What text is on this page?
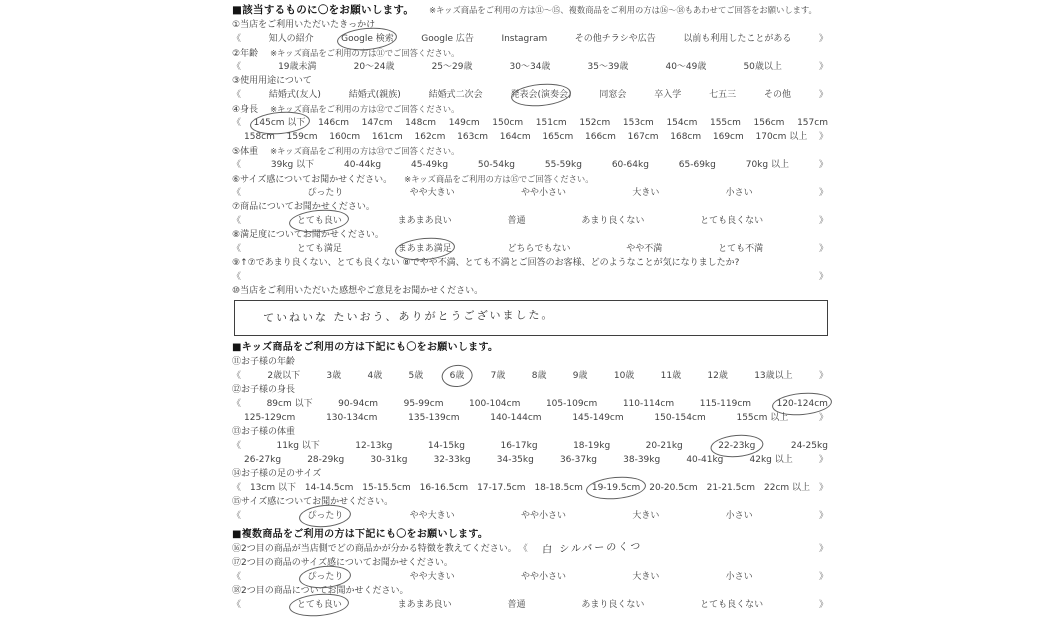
■該当するものに〇をお願いします。 ※キッズ商品をご利用の方は⑪〜⑮、複数商品をご利用の方は⑯〜⑱もあわせてご回答をお願いします。
①当店をご利用いただいたきっかけ
《	知人の紹介	Google 検索	Google 広告	Instagram	その他チラシや広告	以前も利用したことがある	》
②年齢 ※キッズ商品をご利用の方は⑪でご回答ください。
《	19歳未満	20〜24歳	25〜29歳	30〜34歳	35〜39歳	40〜49歳	50歳以上	》
③使用用途について
《	結婚式(友人)	結婚式(親族)	結婚式二次会	発表会(演奏会)	同窓会	卒入学	七五三	その他	》
④身長 ※キッズ商品をご利用の方は⑫でご回答ください。
《 145cm 以下 146cm 147cm 148cm 149cm 150cm 151cm 152cm 153cm 154cm 155cm 156cm 157cm
158cm 159cm 160cm 161cm 162cm 163cm 164cm 165cm 166cm 167cm 168cm 169cm 170cm 以上 》
⑤体重 ※キッズ商品をご利用の方は⑬でご回答ください。
《	39kg 以下	40-44kg	45-49kg	50-54kg	55-59kg	60-64kg	65-69kg	70kg 以上	》
⑥サイズ感についてお聞かせください。 ※キッズ商品をご利用の方は⑮でご回答ください。
《	ぴったり	やや大きい	やや小さい	大きい	小さい	》
⑦商品についてお聞かせください。
《	とても良い	まあまあ良い	普通	あまり良くない	とても良くない	》
⑧満足度についてお聞かせください。
《	とても満足	まあまあ満足	どちらでもない	やや不満	とても不満	》
⑨↑⑦であまり良くない、とても良くない ⑧でやや不満、とても不満とご回答のお客様、どのようなことが気になりましたか?
《	》
⑩当店をご利用いただいた感想やご意見をお聞かせください。
ていねいな たいおう、ありがとうございました。
■キッズ商品をご利用の方は下記にも〇をお願いします。
⑪お子様の年齢
《	2歳以下	3歳	4歳	5歳	6歳	7歳	8歳	9歳	10歳	11歳	12歳	13歳以上	》
⑫お子様の身長
《	89cm 以下	90-94cm	95-99cm	100-104cm	105-109cm	110-114cm	115-119cm	120-124cm
125-129cm	130-134cm	135-139cm	140-144cm	145-149cm	150-154cm	155cm 以上	》
⑬お子様の体重
《	11kg 以下	12-13kg	14-15kg	16-17kg	18-19kg	20-21kg	22-23kg	24-25kg
26-27kg	28-29kg	30-31kg	32-33kg	34-35kg	36-37kg	38-39kg	40-41kg	42kg 以上	》
⑭お子様の足のサイズ
《 13cm 以下 14-14.5cm 15-15.5cm 16-16.5cm 17-17.5cm 18-18.5cm 19-19.5cm 20-20.5cm 21-21.5cm 22cm 以上 》
⑮サイズ感についてお聞かせください。
《	ぴったり	やや大きい	やや小さい	大きい	小さい	》
■複数商品をご利用の方は下記にも〇をお願いします。
⑯2つ目の商品が当店側でどの商品かが分かる特徴を教えてください。 《 白 シルバーのくつ	》
⑰2つ目の商品のサイズ感についてお聞かせください。
《	ぴったり	やや大きい	やや小さい	大きい	小さい	》
⑱2つ目の商品についてお聞かせください。
《	とても良い	まあまあ良い	普通	あまり良くない	とても良くない	》
